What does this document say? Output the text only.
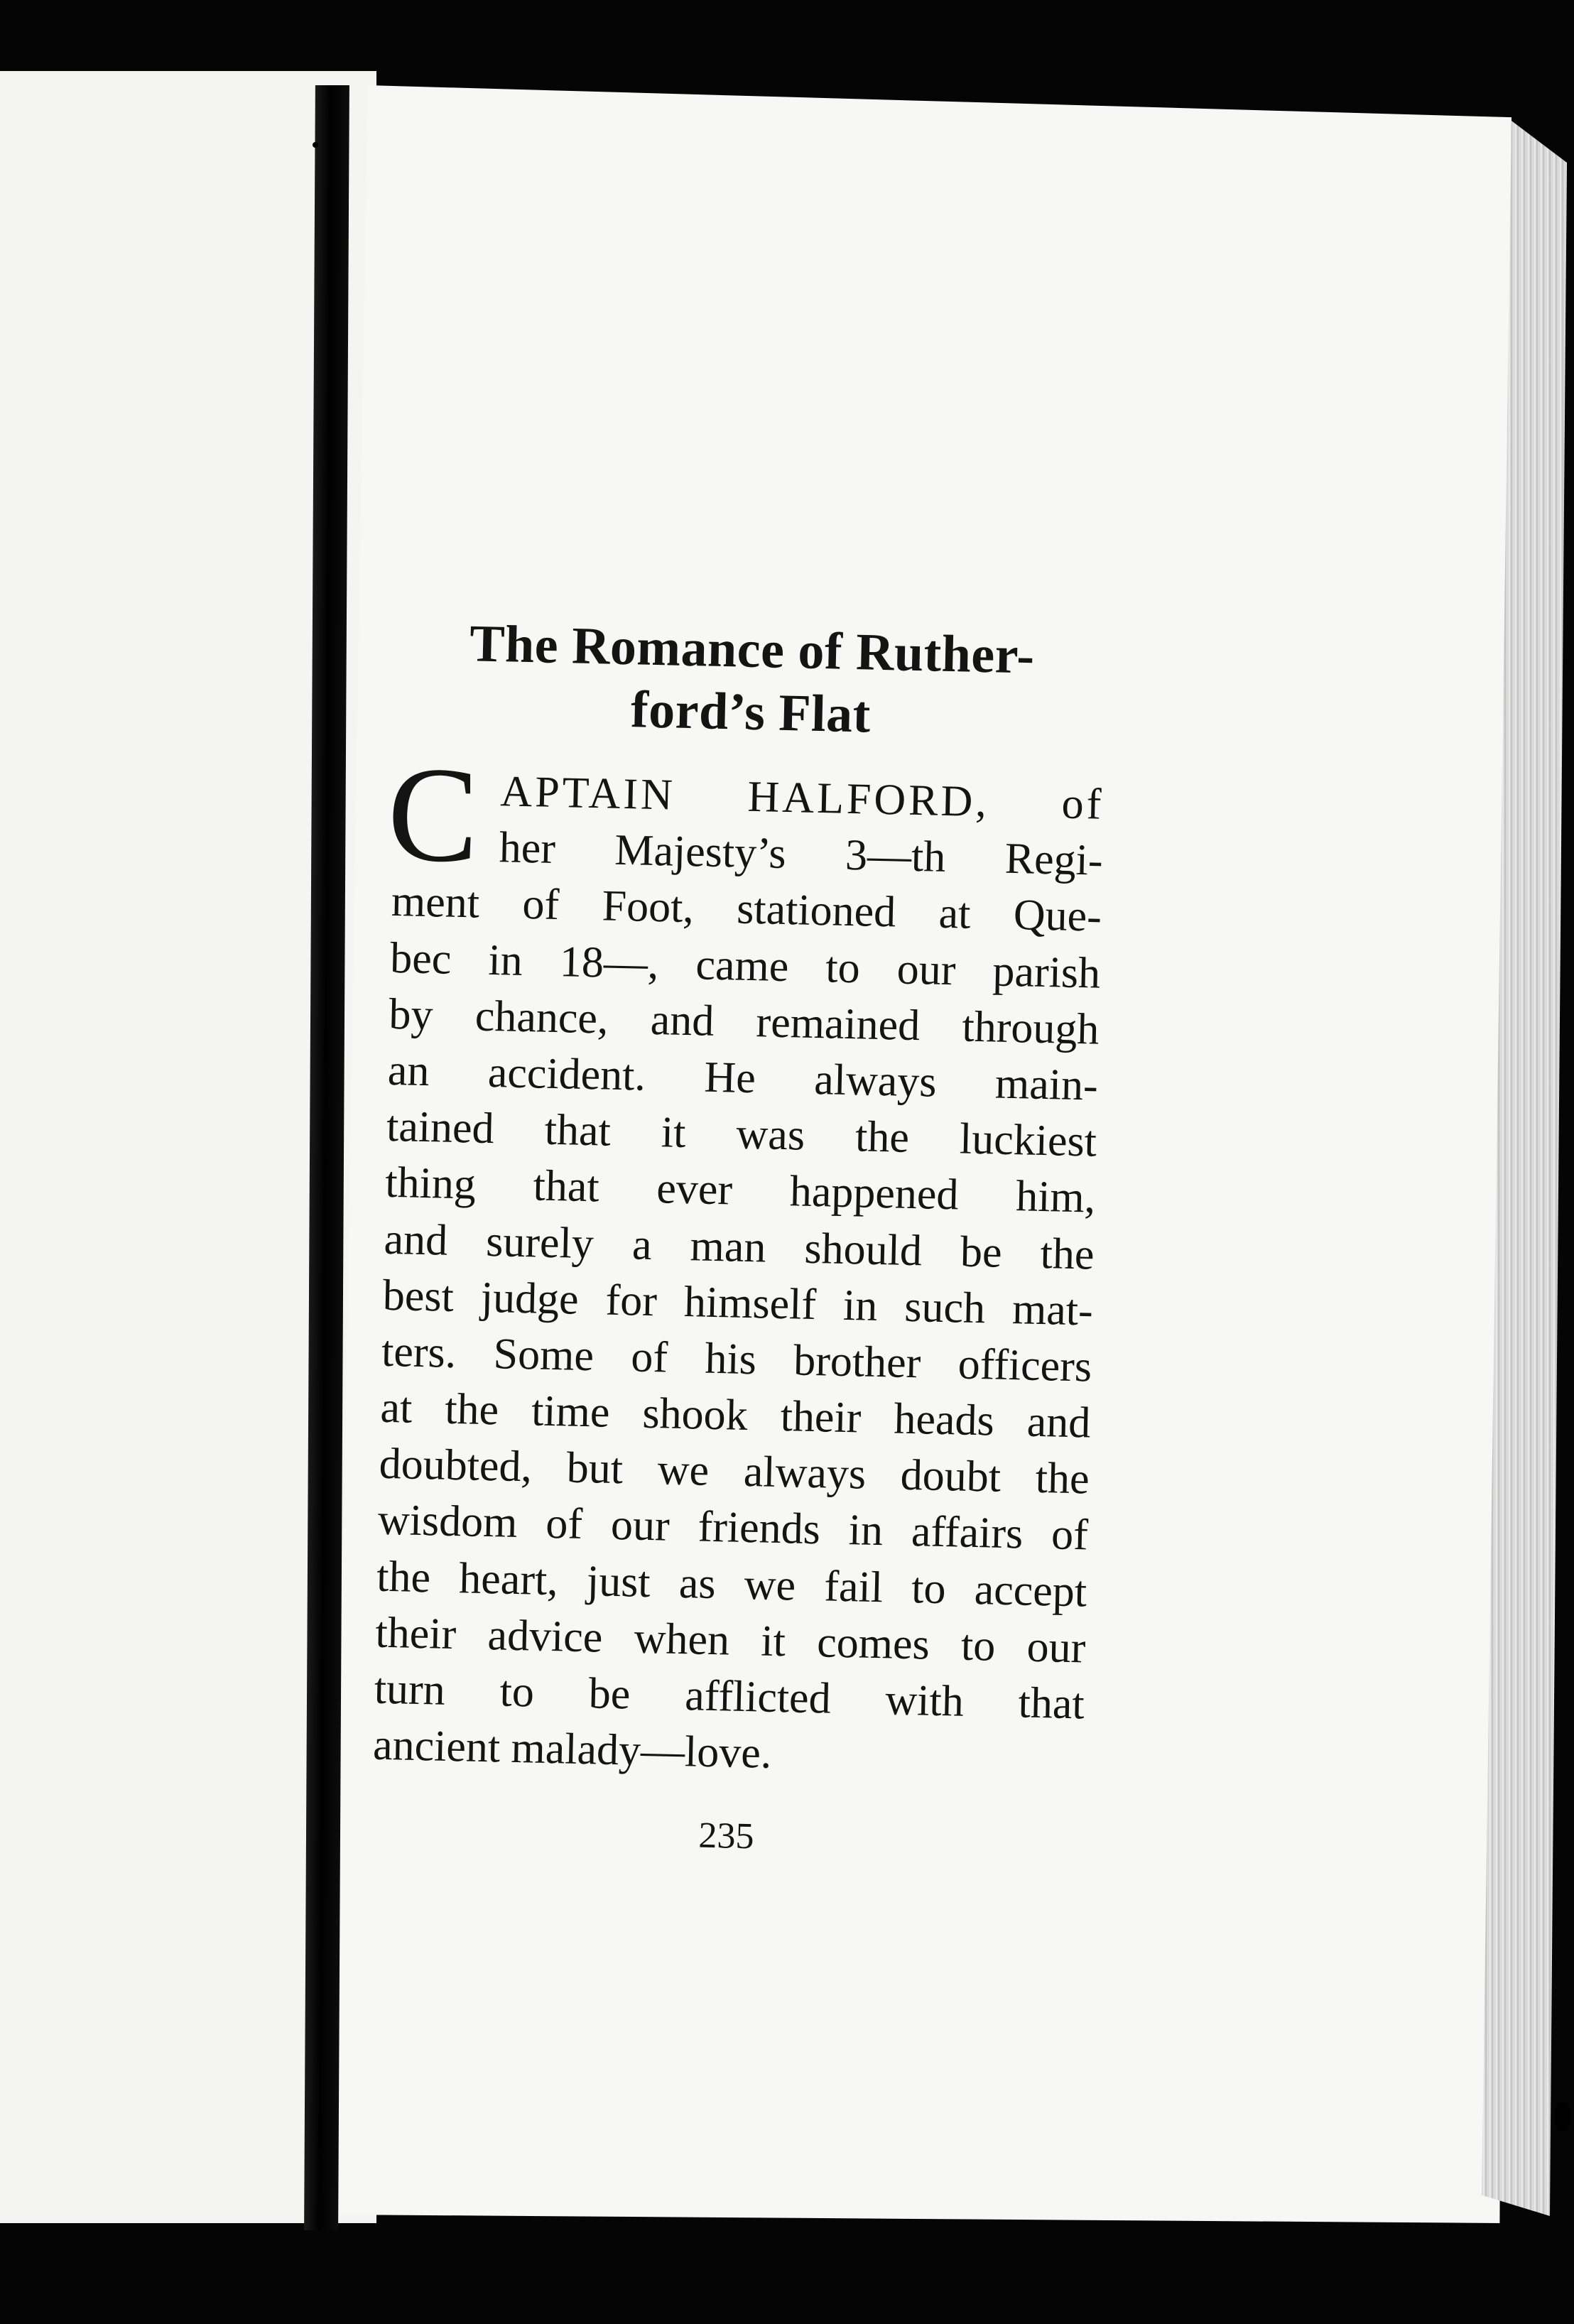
The Romance of Ruther-
ford’s Flat
C APTAIN HALFORD, of
her Majesty’s 3—th Regi-
ment of Foot, stationed at Que-
bec in 18—, came to our parish
by chance, and remained through
an accident. He always main-
tained that it was the luckiest
thing that ever happened him,
and surely a man should be the
best judge for himself in such mat-
ters. Some of his brother officers
at the time shook their heads and
doubted, but we always doubt the
wisdom of our friends in affairs of
the heart, just as we fail to accept
their advice when it comes to our
turn to be afflicted with that
ancient malady—love.
235
